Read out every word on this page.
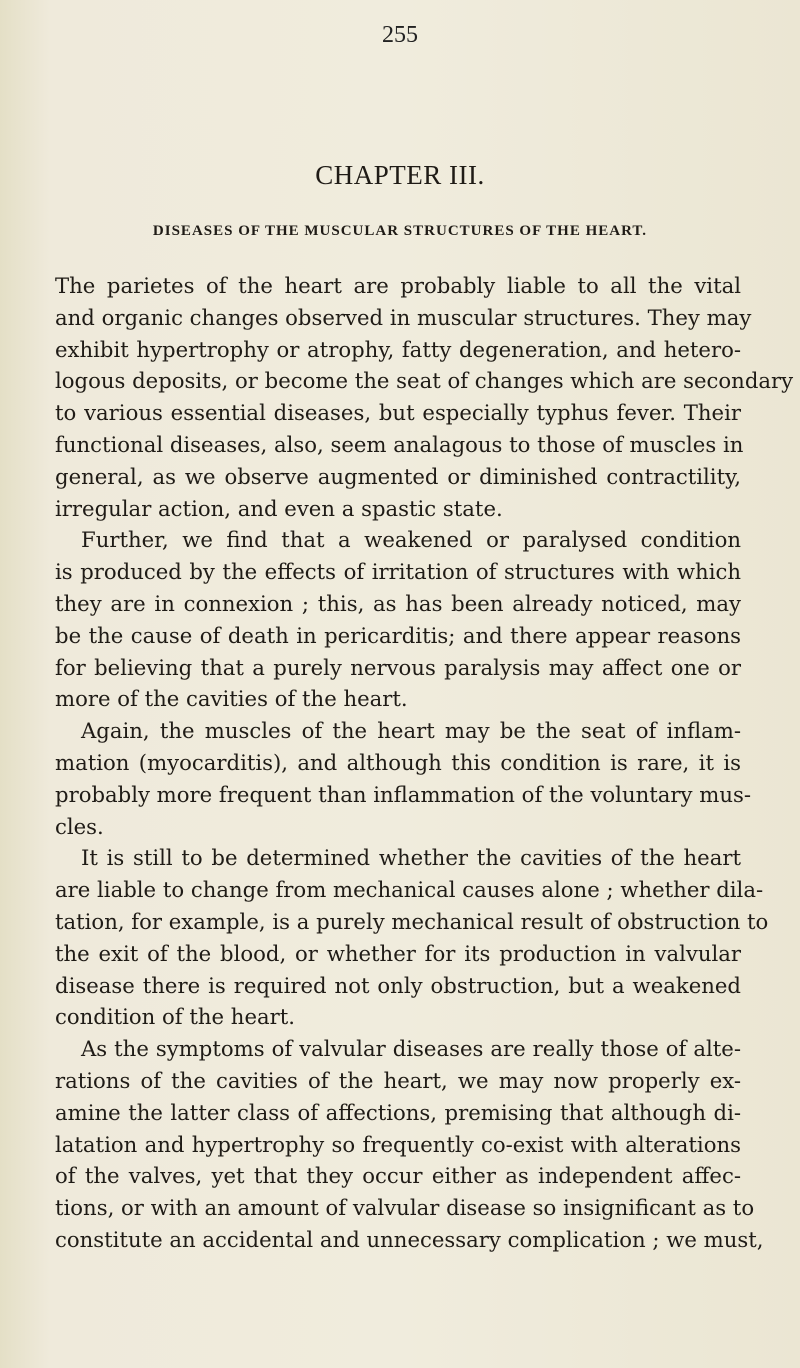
255
CHAPTER III.
DISEASES OF THE MUSCULAR STRUCTURES OF THE HEART.
The parietes of the heart are probably liable to all the vital
and organic changes observed in muscular structures. They may
exhibit hypertrophy or atrophy, fatty degeneration, and hetero-
logous deposits, or become the seat of changes which are secondary
to various essential diseases, but especially typhus fever. Their
functional diseases, also, seem analagous to those of muscles in
general, as we observe augmented or diminished contractility,
irregular action, and even a spastic state.
Further, we find that a weakened or paralysed condition
is produced by the effects of irritation of structures with which
they are in connexion ; this, as has been already noticed, may
be the cause of death in pericarditis; and there appear reasons
for believing that a purely nervous paralysis may affect one or
more of the cavities of the heart.
Again, the muscles of the heart may be the seat of inflam-
mation (myocarditis), and although this condition is rare, it is
probably more frequent than inflammation of the voluntary mus-
cles.
It is still to be determined whether the cavities of the heart
are liable to change from mechanical causes alone ; whether dila-
tation, for example, is a purely mechanical result of obstruction to
the exit of the blood, or whether for its production in valvular
disease there is required not only obstruction, but a weakened
condition of the heart.
As the symptoms of valvular diseases are really those of alte-
rations of the cavities of the heart, we may now properly ex-
amine the latter class of affections, premising that although di-
latation and hypertrophy so frequently co-exist with alterations
of the valves, yet that they occur either as independent affec-
tions, or with an amount of valvular disease so insignificant as to
constitute an accidental and unnecessary complication ; we must,
